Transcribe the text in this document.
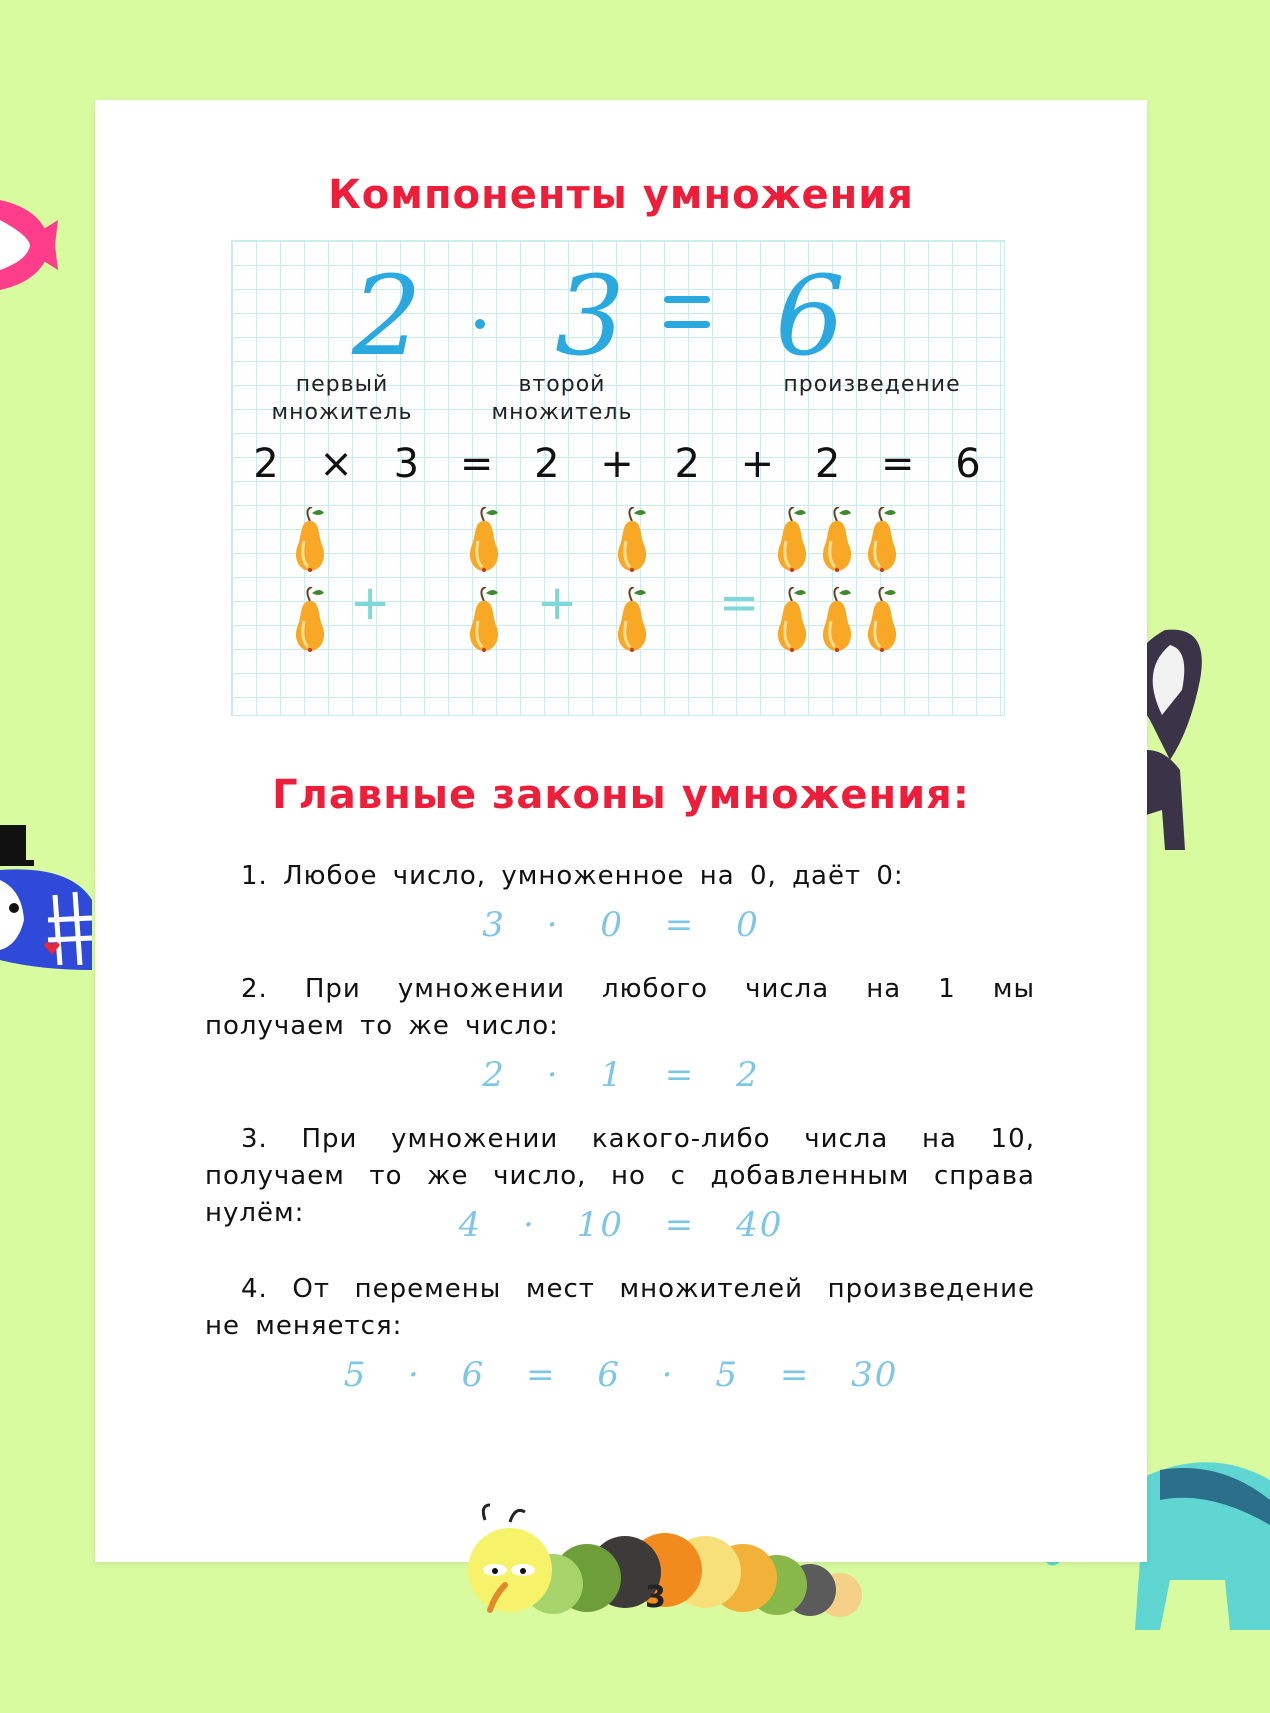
Компоненты умножения
2 3 6
первый
множитель
второй
множитель
произведение
2 × 3 = 2 + 2 + 2 = 6
+	+	=
Главные законы умножения:
1. Любое число, умноженное на 0, даёт 0:
3 · 0 = 0
2. При умножении любого числа на 1 мы получаем то же число:
2 · 1 = 2
3. При умножении какого-либо числа на 10, получаем то же число, но с добавленным справа нулём:	4 · 10 = 40
4. От перемены мест множителей произведение не меняется:
5 · 6 = 6 · 5 = 30
3
